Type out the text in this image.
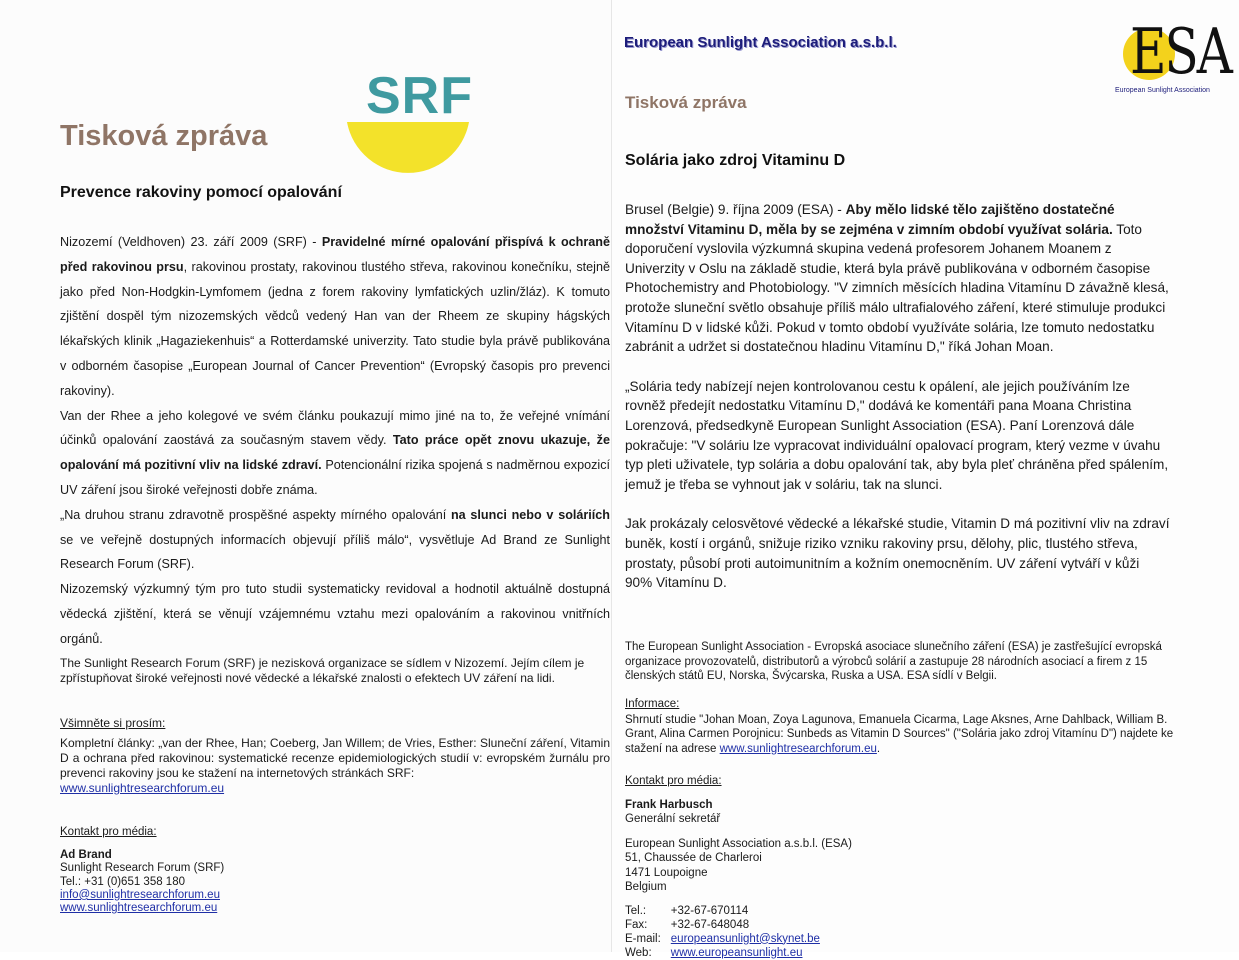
SRF
Tisková zpráva
Prevence rakoviny pomocí opalování

Nizozemí (Veldhoven) 23. září 2009 (SRF) - Pravidelné mírné opalování přispívá k ochraně před rakovinou prsu, rakovinou prostaty, rakovinou tlustého střeva, rakovinou konečníku, stejně jako před Non-Hodgkin-Lymfomem (jedna z forem rakoviny lymfatických uzlin/žláz). K tomuto zjištění dospěl tým nizozemských vědců vedený Han van der Rheem ze skupiny hágských lékařských klinik „Hagaziekenhuis“ a Rotterdamské univerzity. Tato studie byla právě publikována v odborném časopise „European Journal of Cancer Prevention“ (Evropský časopis pro prevenci rakoviny).

Van der Rhee a jeho kolegové ve svém článku poukazují mimo jiné na to, že veřejné vnímání účinků opalování zaostává za současným stavem vědy. Tato práce opět znovu ukazuje, že opalování má pozitivní vliv na lidské zdraví. Potencionální rizika spojená s nadměrnou expozicí UV záření jsou široké veřejnosti dobře známa.

„Na druhou stranu zdravotně prospěšné aspekty mírného opalování na slunci nebo v soláriích se ve veřejně dostupných informacích objevují příliš málo“, vysvětluje Ad Brand ze Sunlight Research Forum (SRF).

Nizozemský výzkumný tým pro tuto studii systematicky revidoval a hodnotil aktuálně dostupná vědecká zjištění, která se věnují vzájemnému vztahu mezi opalováním a rakovinou vnitřních orgánů.

The Sunlight Research Forum (SRF) je nezisková organizace se sídlem v Nizozemí. Jejím cílem je zpřístupňovat široké veřejnosti nové vědecké a lékařské znalosti o efektech UV záření na lidi.

Všimněte si prosím:

Kompletní články: „van der Rhee, Han; Coeberg, Jan Willem; de Vries, Esther: Sluneční záření, Vitamin D a ochrana před rakovinou: systematické recenze epidemiologických studií v: evropském žurnálu pro prevenci rakoviny jsou ke stažení na internetových stránkách SRF:

www.sunlightresearchforum.eu

Kontakt pro média:

Ad Brand

Sunlight Research Forum (SRF)

Tel.: +31 (0)651 358 180

info@sunlightresearchforum.eu

www.sunlightresearchforum.eu

European Sunlight Association a.s.b.l.	ESA
European Sunlight Association
Tisková zpráva
Solária jako zdroj Vitaminu D

Brusel (Belgie) 9. října 2009 (ESA) - Aby mělo lidské tělo zajištěno dostatečné množství Vitaminu D, měla by se zejména v zimním období využívat solária. Toto doporučení vyslovila výzkumná skupina vedená profesorem Johanem Moanem z Univerzity v Oslu na základě studie, která byla právě publikována v odborném časopise Photochemistry and Photobiology. "V zimních měsících hladina Vitamínu D závažně klesá, protože sluneční světlo obsahuje příliš málo ultrafialového záření, které stimuluje produkci Vitamínu D v lidské kůži. Pokud v tomto období využíváte solária, lze tomuto nedostatku zabránit a udržet si dostatečnou hladinu Vitamínu D," říká Johan Moan.

„Solária tedy nabízejí nejen kontrolovanou cestu k opálení, ale jejich používáním lze rovněž předejít nedostatku Vitamínu D," dodává ke komentáři pana Moana Christina Lorenzová, předsedkyně European Sunlight Association (ESA). Paní Lorenzová dále pokračuje: "V soláriu lze vypracovat individuální opalovací program, který vezme v úvahu typ pleti uživatele, typ solária a dobu opalování tak, aby byla pleť chráněna před spálením, jemuž je třeba se vyhnout jak v soláriu, tak na slunci.

Jak prokázaly celosvětové vědecké a lékařské studie, Vitamin D má pozitivní vliv na zdraví buněk, kostí i orgánů, snižuje riziko vzniku rakoviny prsu, dělohy, plic, tlustého střeva, prostaty, působí proti autoimunitním a kožním onemocněním. UV záření vytváří v kůži 90% Vitamínu D.

The European Sunlight Association - Evropská asociace slunečního záření (ESA) je zastřešující evropská organizace provozovatelů, distributorů a výrobců solárií a zastupuje 28 národních asociací a firem z 15 členských států EU, Norska, Švýcarska, Ruska a USA. ESA sídlí v Belgii.

Informace:

Shrnutí studie "Johan Moan, Zoya Lagunova, Emanuela Cicarma, Lage Aksnes, Arne Dahlback, William B. Grant, Alina Carmen Porojnicu: Sunbeds as Vitamin D Sources" ("Solária jako zdroj Vitamínu D") najdete ke stažení na adrese www.sunlightresearchforum.eu.

Kontakt pro média:

Frank Harbusch

Generální sekretář

European Sunlight Association a.s.b.l. (ESA)

51, Chaussée de Charleroi

1471 Loupoigne

Belgium

Tel.:	+32-67-670114
Fax:	+32-67-648048
E-mail:	europeansunlight@skynet.be
Web:	www.europeansunlight.eu
